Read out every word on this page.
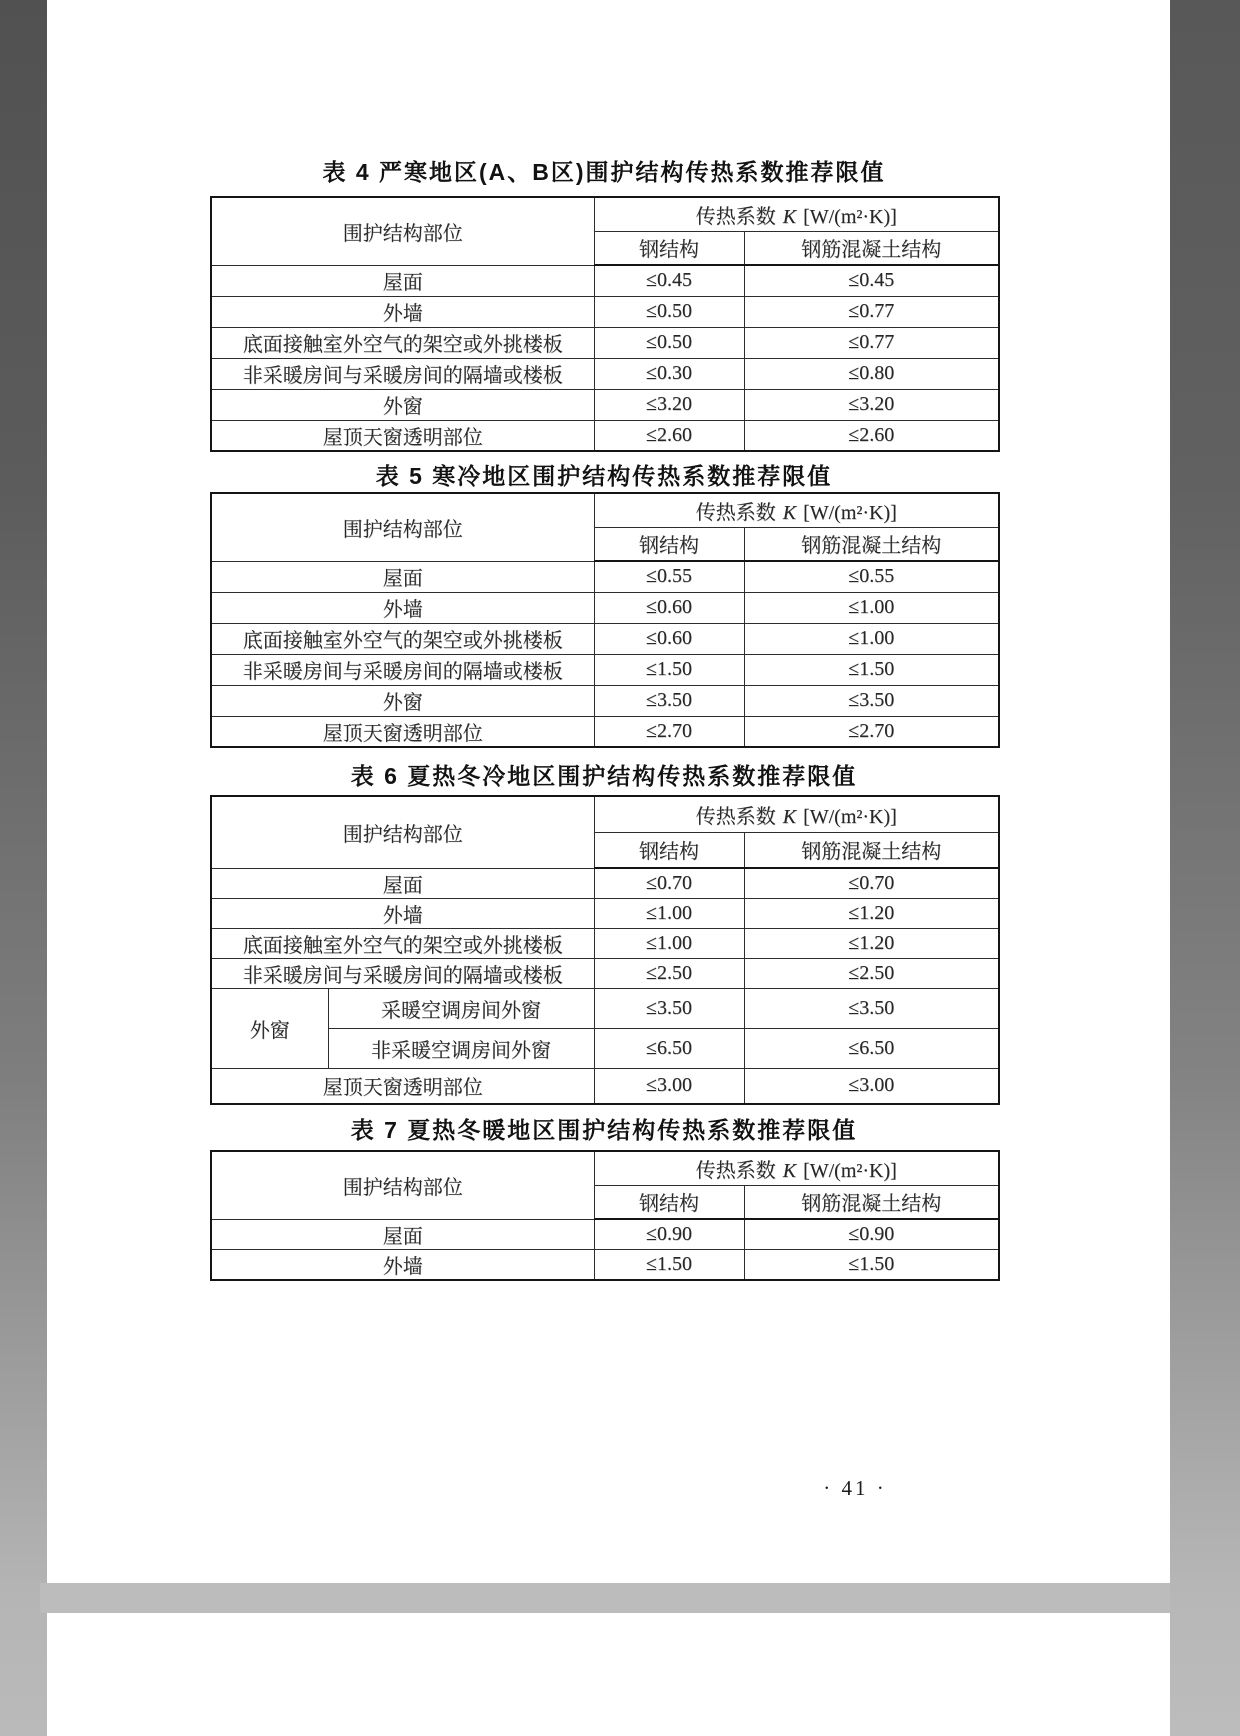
表 4 严寒地区(A、B区)围护结构传热系数推荐限值
围护结构部位	传热系数 K [W/(m²·K)]	
	钢结构	钢筋混凝土结构
屋面	≤0.45	≤0.45
外墙	≤0.50	≤0.77
底面接触室外空气的架空或外挑楼板	≤0.50	≤0.77
非采暖房间与采暖房间的隔墙或楼板	≤0.30	≤0.80
外窗	≤3.20	≤3.20
屋顶天窗透明部位	≤2.60	≤2.60
表 5 寒冷地区围护结构传热系数推荐限值
围护结构部位	传热系数 K [W/(m²·K)]	
	钢结构	钢筋混凝土结构
屋面	≤0.55	≤0.55
外墙	≤0.60	≤1.00
底面接触室外空气的架空或外挑楼板	≤0.60	≤1.00
非采暖房间与采暖房间的隔墙或楼板	≤1.50	≤1.50
外窗	≤3.50	≤3.50
屋顶天窗透明部位	≤2.70	≤2.70
表 6 夏热冬冷地区围护结构传热系数推荐限值
围护结构部位		传热系数 K [W/(m²·K)]	
		钢结构	钢筋混凝土结构
屋面		≤0.70	≤0.70
外墙		≤1.00	≤1.20
底面接触室外空气的架空或外挑楼板		≤1.00	≤1.20
非采暖房间与采暖房间的隔墙或楼板		≤2.50	≤2.50
外窗	采暖空调房间外窗	≤3.50	≤3.50
	非采暖空调房间外窗	≤6.50	≤6.50
屋顶天窗透明部位		≤3.00	≤3.00
表 7 夏热冬暖地区围护结构传热系数推荐限值
围护结构部位	传热系数 K [W/(m²·K)]	
	钢结构	钢筋混凝土结构
屋面	≤0.90	≤0.90
外墙	≤1.50	≤1.50
· 41 ·
